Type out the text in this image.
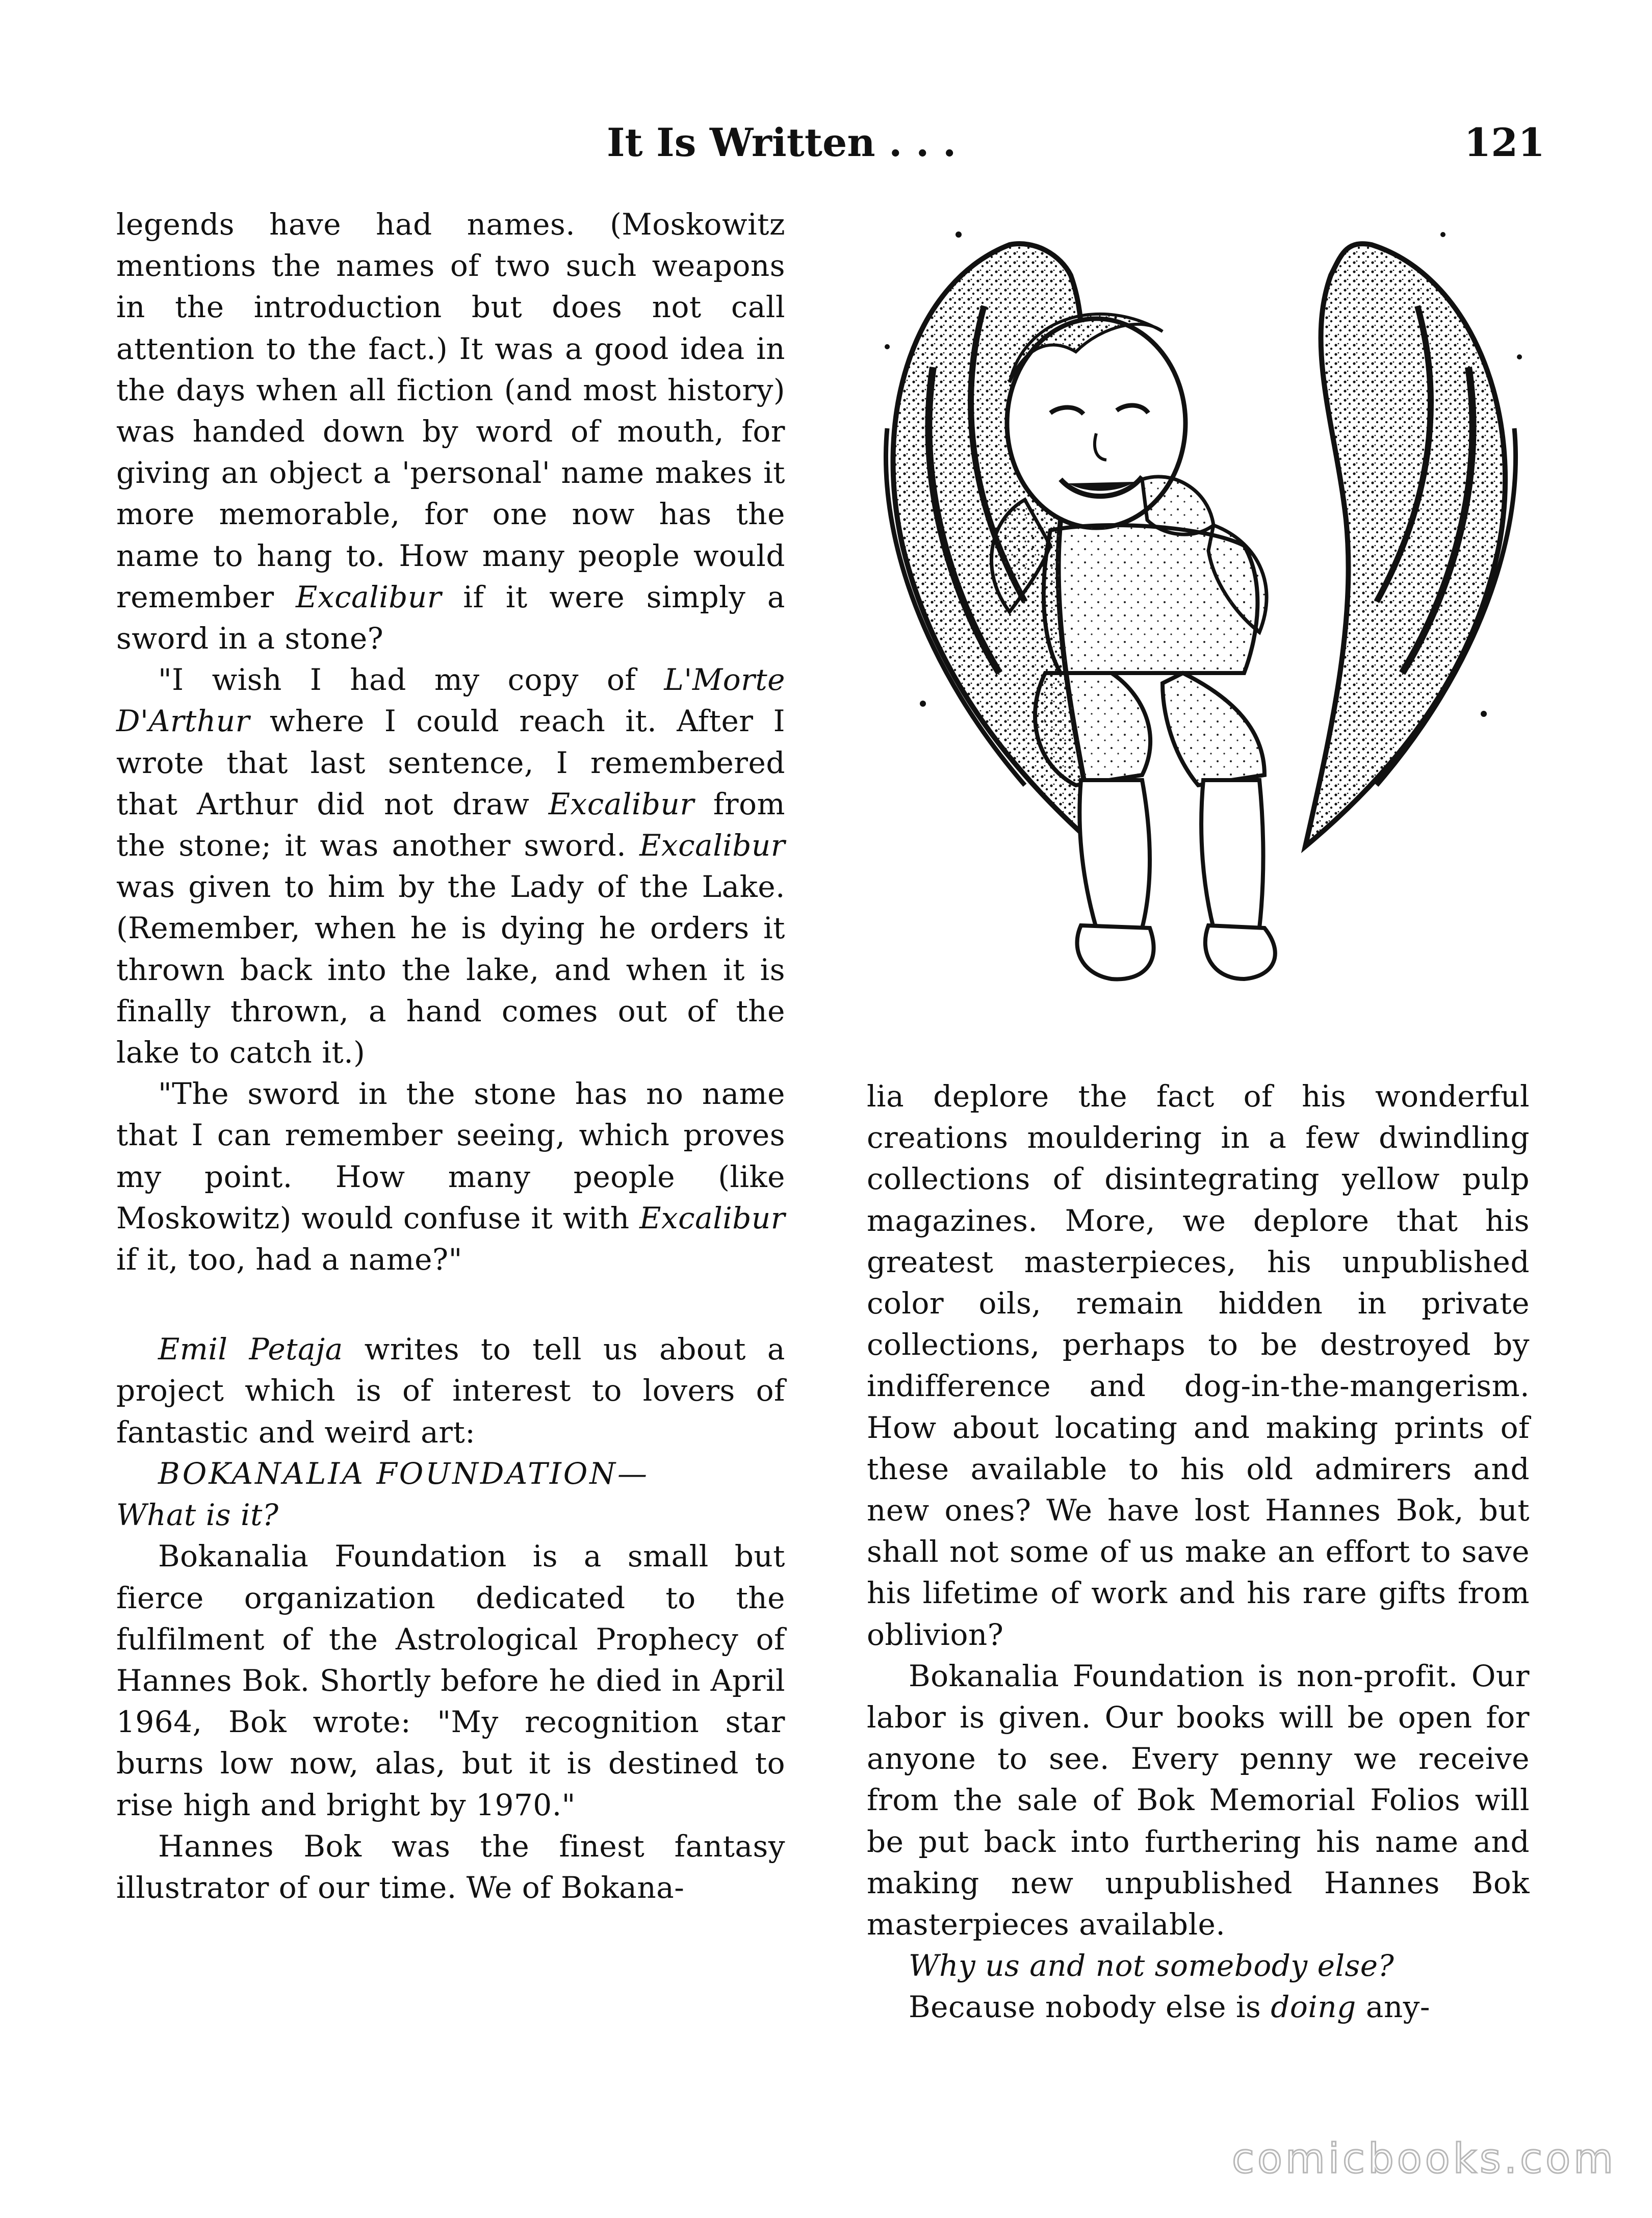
It Is Written . . .	121

legends have had names. (Moskowitz mentions the names of two such weapons in the introduction but does not call attention to the fact.) It was a good idea in the days when all fiction (and most history) was handed down by word of mouth, for giving an object a 'personal' name makes it more memorable, for one now has the name to hang to. How many people would remember Excalibur if it were simply a sword in a stone?

"I wish I had my copy of L'Morte D'Arthur where I could reach it. After I wrote that last sentence, I remembered that Arthur did not draw Excalibur from the stone; it was another sword. Excalibur was given to him by the Lady of the Lake. (Remember, when he is dying he orders it thrown back into the lake, and when it is finally thrown, a hand comes out of the lake to catch it.)

"The sword in the stone has no name that I can remember seeing, which proves my point. How many people (like Moskowitz) would confuse it with Excalibur if it, too, had a name?"

Emil Petaja writes to tell us about a project which is of interest to lovers of fantastic and weird art:

BOKANALIA FOUNDATION—

What is it?

Bokanalia Foundation is a small but fierce organization dedicated to the fulfilment of the Astrological Prophecy of Hannes Bok. Shortly before he died in April 1964, Bok wrote: "My recognition star burns low now, alas, but it is destined to rise high and bright by 1970."

Hannes Bok was the finest fantasy illustrator of our time. We of Bokana-

lia deplore the fact of his wonderful creations mouldering in a few dwindling collections of disintegrating yellow pulp magazines. More, we deplore that his greatest masterpieces, his unpublished color oils, remain hidden in private collections, perhaps to be destroyed by indifference and dog-in-the-mangerism. How about locating and making prints of these available to his old admirers and new ones? We have lost Hannes Bok, but shall not some of us make an effort to save his lifetime of work and his rare gifts from oblivion?

Bokanalia Foundation is non-profit. Our labor is given. Our books will be open for anyone to see. Every penny we receive from the sale of Bok Memorial Folios will be put back into furthering his name and making new unpublished Hannes Bok masterpieces available.

Why us and not somebody else?

Because nobody else is doing any-

comicbooks.com
